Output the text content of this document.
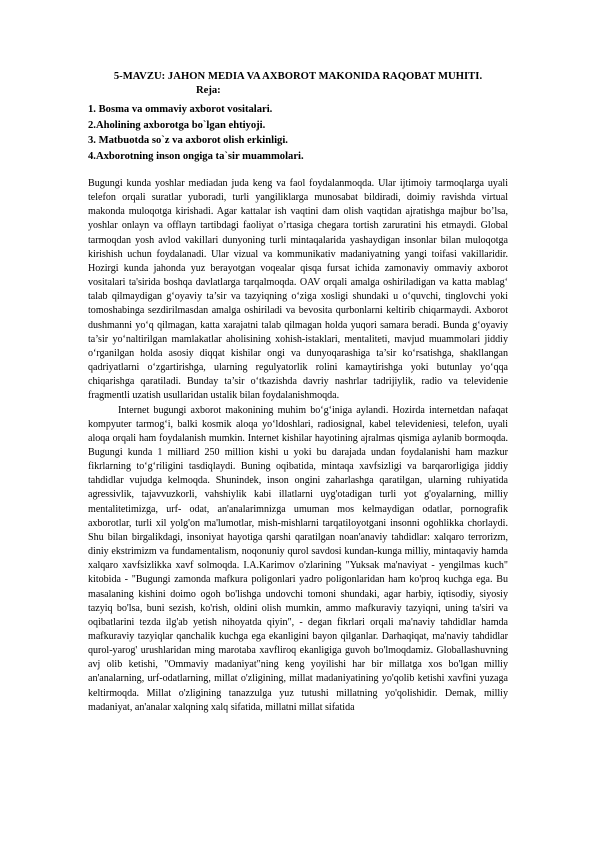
5-MAVZU: JAHON MEDIA VA AXBOROT MAKONIDA RAQOBAT MUHITI.
Reja:
1. Bosma va ommaviy axborot vositalari.
2.Aholining axborotga bo`lgan ehtiyoji.
3. Matbuotda so`z va axborot olish erkinligi.
4.Axborotning inson ongiga ta`sir muammolari.

Bugungi kunda yoshlar mediadan juda keng va faol foydalanmoqda. Ular ijtimoiy tarmoqlarga uyali telefon orqali suratlar yuboradi, turli yangiliklarga munosabat bildiradi, doimiy ravishda virtual makonda muloqotga kirishadi. Agar kattalar ish vaqtini dam olish vaqtidan ajratishga majbur bo’lsa, yoshlar onlayn va offlayn tartibdagi faoliyat o’rtasiga chegara tortish zaruratini his etmaydi. Global tarmoqdan yosh avlod vakillari dunyoning turli mintaqalarida yashaydigan insonlar bilan muloqotga kirishish uchun foydalanadi. Ular vizual va kommunikativ madaniyatning yangi toifasi vakillaridir. Hozirgi kunda jahonda yuz berayotgan voqealar qisqa fursat ichida zamonaviy ommaviy axborot vositalari ta'sirida boshqa davlatlarga tarqalmoqda. OAV orqali amalga oshiriladigan va katta mablag‘ talab qilmaydigan g‘oyaviy ta’sir va tazyiqning o‘ziga xosligi shundaki u o‘quvchi, tinglovchi yoki tomoshabinga sezdirilmasdan amalga oshiriladi va bevosita qurbonlarni keltirib chiqarmaydi. Axborot dushmanni yo‘q qilmagan, katta xarajatni talab qilmagan holda yuqori samara beradi. Bunda g‘oyaviy ta’sir yo‘naltirilgan mamlakatlar aholisining xohish-istaklari, mentaliteti, mavjud muammolari jiddiy o‘rganilgan holda asosiy diqqat kishilar ongi va dunyoqarashiga ta’sir ko‘rsatishga, shakllangan qadriyatlarni o‘zgartirishga, ularning regulyatorlik rolini kamaytirishga yoki butunlay yo‘qqa chiqarishga qaratiladi. Bunday ta’sir o‘tkazishda davriy nashrlar tadrijiylik, radio va televidenie fragmentli uzatish usullaridan ustalik bilan foydalanishmoqda.

Internet bugungi axborot makonining muhim bo‘g‘iniga aylandi. Hozirda internetdan nafaqat kompyuter tarmog‘i, balki kosmik aloqa yo‘ldoshlari, radiosignal, kabel televideniesi, telefon, uyali aloqa orqali ham foydalanish mumkin. Internet kishilar hayotining ajralmas qismiga aylanib bormoqda. Bugungi kunda 1 milliard 250 million kishi u yoki bu darajada undan foydalanishi ham mazkur fikrlarning to‘g‘riligini tasdiqlaydi. Buning oqibatida, mintaqa xavfsizligi va barqarorligiga jiddiy tahdidlar vujudga kelmoqda. Shunindek, inson ongini zaharlashga qaratilgan, ularning ruhiyatida agressivlik, tajavvuzkorli, vahshiylik kabi illatlarni uyg'otadigan turli yot g'oyalarning, milliy mentalitetimizga, urf- odat, an'analarimnizga umuman mos kelmaydigan odatlar, pornografik axborotlar, turli xil yolg'on ma'lumotlar, mish-mishlarni tarqatiloyotgani insonni ogohlikka chorlaydi. Shu bilan birgalikdagi, insoniyat hayotiga qarshi qaratilgan noan'anaviy tahdidlar: xalqaro terrorizm, diniy ekstrimizm va fundamentalism, noqonuniy qurol savdosi kundan-kunga milliy, mintaqaviy hamda xalqaro xavfsizlikka xavf solmoqda. I.A.Karimov o'zlarining "Yuksak ma'naviyat - yengilmas kuch" kitobida - "Bugungi zamonda mafkura poligonlari yadro poligonlaridan ham ko'proq kuchga ega. Bu masalaning kishini doimo ogoh bo'lishga undovchi tomoni shundaki, agar harbiy, iqtisodiy, siyosiy tazyiq bo'lsa, buni sezish, ko'rish, oldini olish mumkin, ammo mafkuraviy tazyiqni, uning ta'siri va oqibatlarini tezda ilg'ab yetish nihoyatda qiyin", - degan fikrlari orqali ma'naviy tahdidlar hamda mafkuraviy tazyiqlar qanchalik kuchga ega ekanligini bayon qilganlar. Darhaqiqat, ma'naviy tahdidlar qurol-yarog' urushlaridan ming marotaba xavfliroq ekanligiga guvoh bo'lmoqdamiz. Globallashuvning avj olib ketishi, "Ommaviy madaniyat"ning keng yoyilishi har bir millatga xos bo'lgan milliy an'analarning, urf-odatlarning, millat o'zligining, millat madaniyatining yo'qolib ketishi xavfini yuzaga keltirmoqda. Millat o'zligining tanazzulga yuz tutushi millatning yo'qolishidir. Demak, milliy madaniyat, an'analar xalqning xalq sifatida, millatni millat sifatida
